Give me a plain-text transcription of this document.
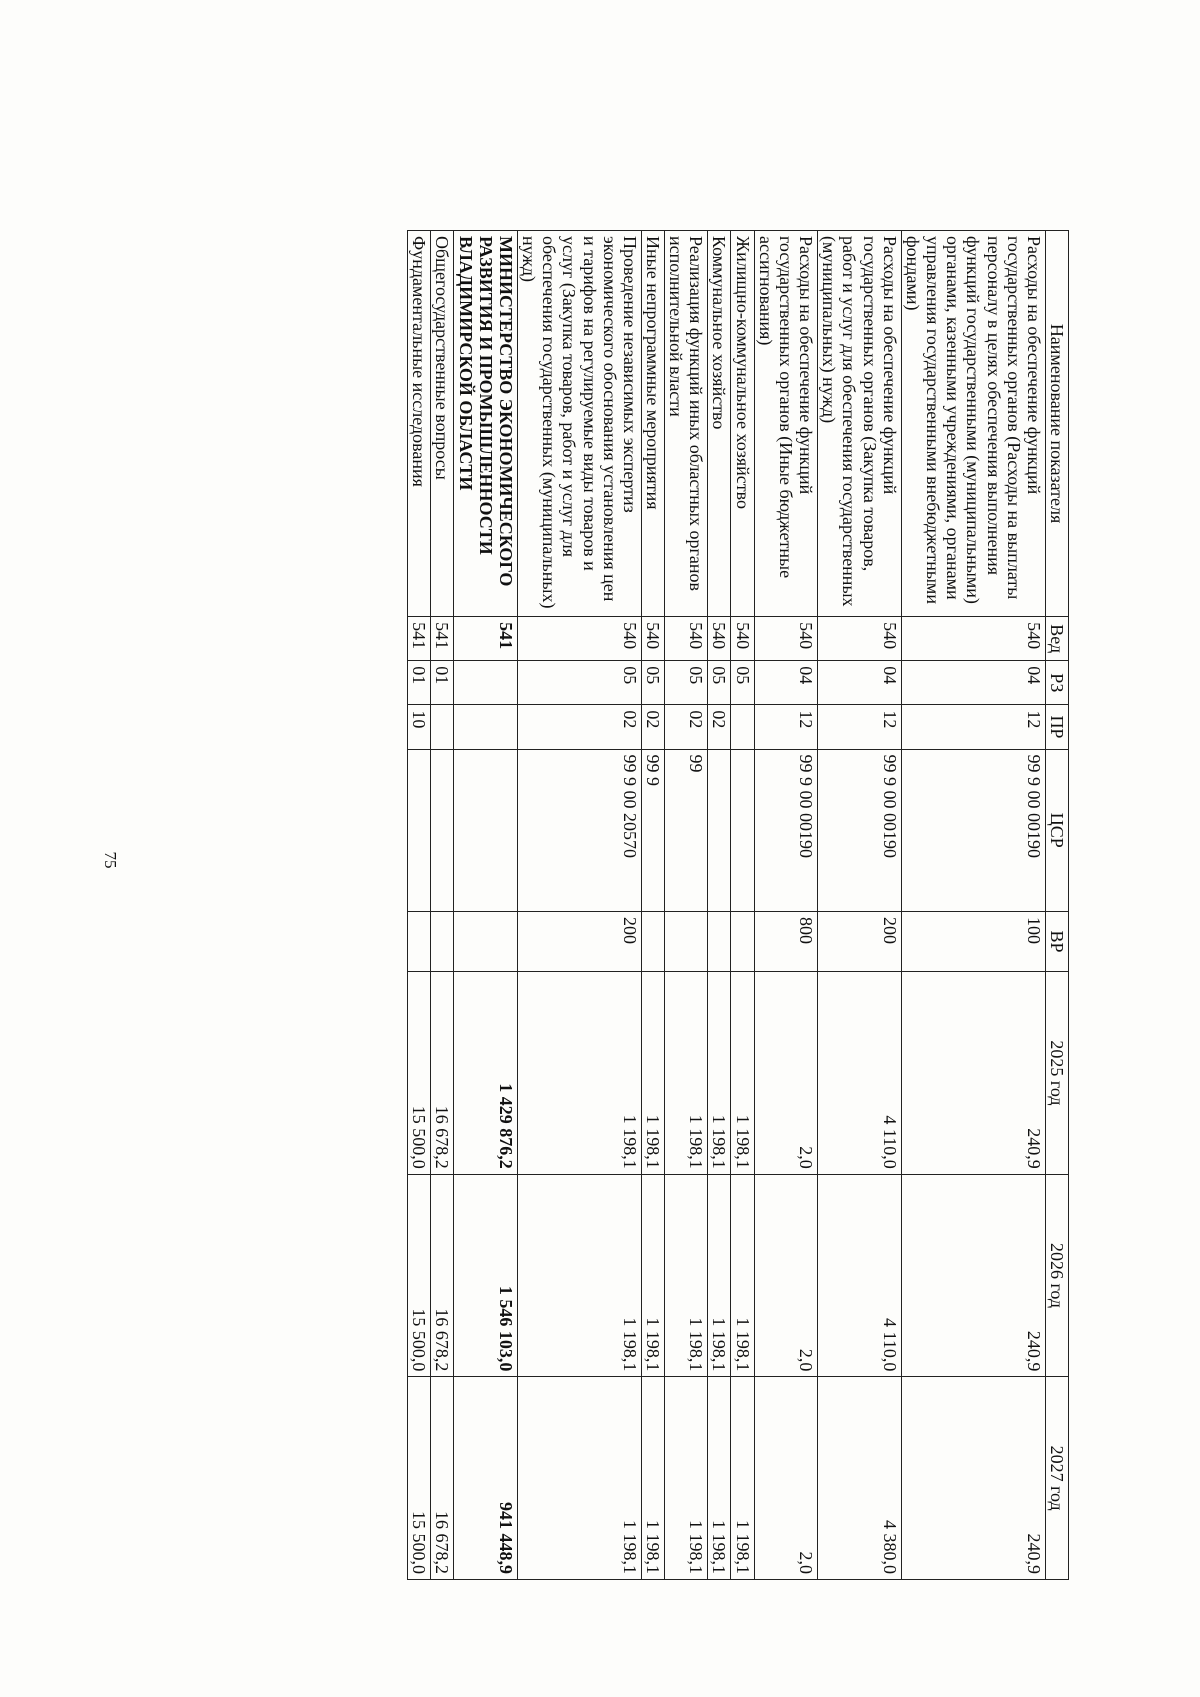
75
Наименование показателя	Вед	РЗ	ПР	ЦСР	ВР	2025 год	2026 год	2027 год
Расходы на обеспечение функций государственных органов (Расходы на выплаты персоналу в целях обеспечения выполнения функций государственными (муниципальными) органами, казенными учреждениями, органами управления государственными внебюджетными фондами)	540	04	12	99 9 00 00190	100	240,9	240,9	240,9
Расходы на обеспечение функций государственных органов (Закупка товаров, работ и услуг для обеспечения государственных (муниципальных) нужд)	540	04	12	99 9 00 00190	200	4 110,0	4 110,0	4 380,0
Расходы на обеспечение функций государственных органов (Иные бюджетные ассигнования)	540	04	12	99 9 00 00190	800	2,0	2,0	2,0
Жилищно-коммунальное хозяйство	540	05				1 198,1	1 198,1	1 198,1
Коммунальное хозяйство	540	05	02			1 198,1	1 198,1	1 198,1
Реализация функций иных областных органов исполнительной власти	540	05	02	99		1 198,1	1 198,1	1 198,1
Иные непрограммные мероприятия	540	05	02	99 9		1 198,1	1 198,1	1 198,1
Проведение независимых экспертиз экономического обоснования установления цен и тарифов на регулируемые виды товаров и услуг (Закупка товаров, работ и услуг для обеспечения государственных (муниципальных) нужд)	540	05	02	99 9 00 20570	200	1 198,1	1 198,1	1 198,1
МИНИСТЕРСТВО ЭКОНОМИЧЕСКОГО РАЗВИТИЯ И ПРОМЫШЛЕННОСТИ ВЛАДИМИРСКОЙ ОБЛАСТИ	541					1 429 876,2	1 546 103,0	941 448,9
Общегосударственные вопросы	541	01				16 678,2	16 678,2	16 678,2
Фундаментальные исследования	541	01	10			15 500,0	15 500,0	15 500,0
